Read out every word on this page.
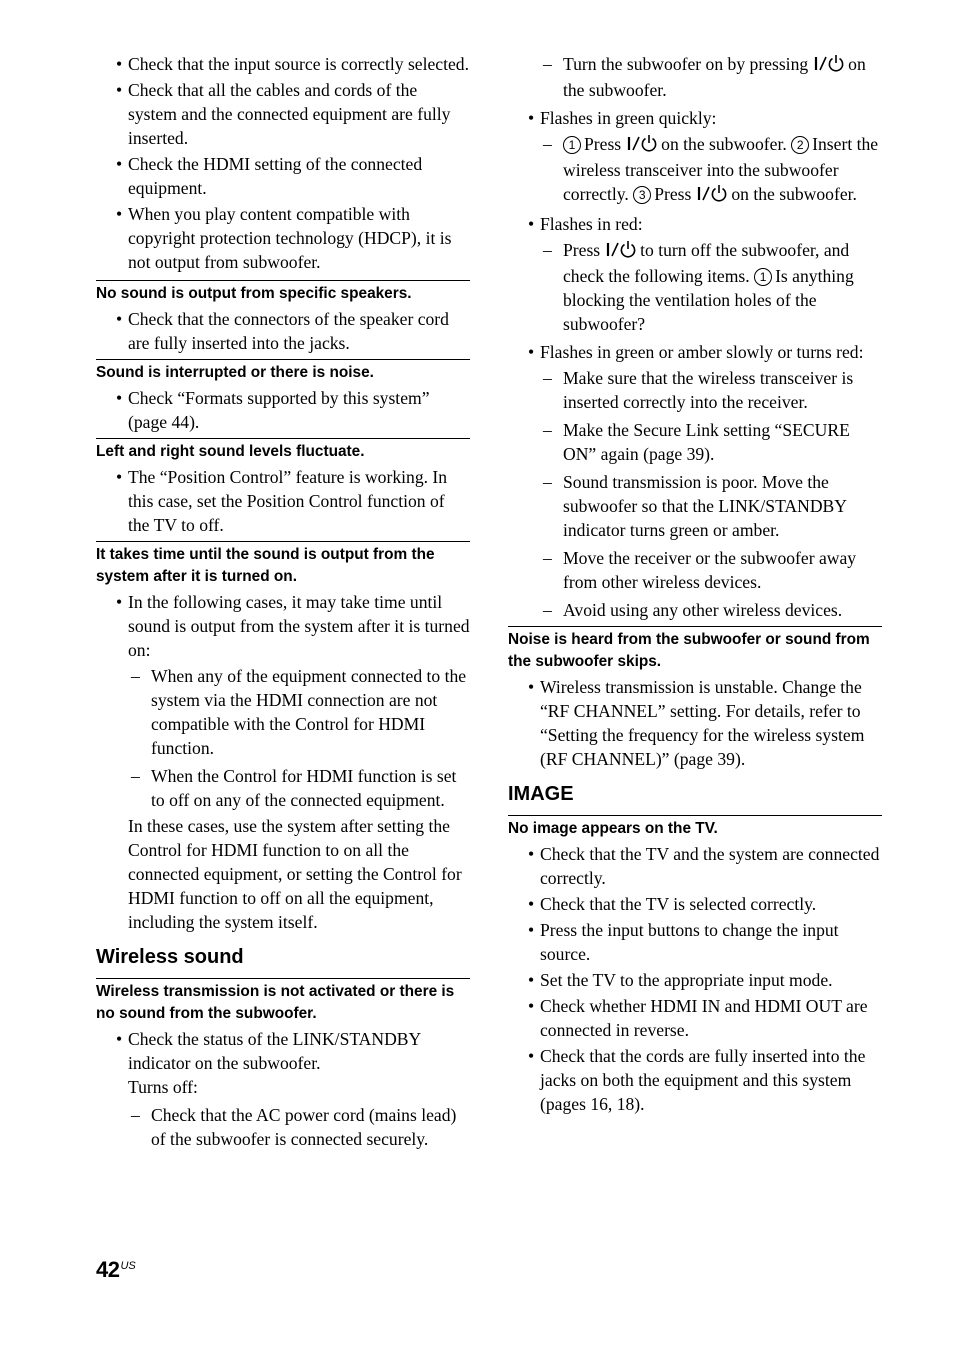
• Check that the input source is correctly selected.
• Check that all the cables and cords of the system and the connected equipment are fully inserted.
• Check the HDMI setting of the connected equipment.
• When you play content compatible with copyright protection technology (HDCP), it is not output from subwoofer.
No sound is output from specific speakers.
• Check that the connectors of the speaker cord are fully inserted into the jacks.
Sound is interrupted or there is noise.
• Check “Formats supported by this system” (page 44).
Left and right sound levels fluctuate.
• The “Position Control” feature is working. In this case, set the Position Control function of the TV to off.
It takes time until the sound is output from the system after it is turned on.
• In the following cases, it may take time until sound is output from the system after it is turned on:
– When any of the equipment connected to the system via the HDMI connection are not compatible with the Control for HDMI function.
– When the Control for HDMI function is set to off on any of the connected equipment.
In these cases, use the system after setting the Control for HDMI function to on all the connected equipment, or setting the Control for HDMI function to off on all the equipment, including the system itself.
Wireless sound
Wireless transmission is not activated or there is no sound from the subwoofer.
• Check the status of the LINK/STANDBY indicator on the subwoofer.
Turns off:
– Check that the AC power cord (mains lead) of the subwoofer is connected securely.
– Turn the subwoofer on by pressing on the subwoofer.
• Flashes in green quickly:
– 1 Press on the subwoofer. 2 Insert the wireless transceiver into the subwoofer correctly. 3 Press on the subwoofer.
• Flashes in red:
– Press to turn off the subwoofer, and check the following items. 1 Is anything blocking the ventilation holes of the subwoofer?
• Flashes in green or amber slowly or turns red:
– Make sure that the wireless transceiver is inserted correctly into the receiver.
– Make the Secure Link setting “SECURE ON” again (page 39).
– Sound transmission is poor. Move the subwoofer so that the LINK/STANDBY indicator turns green or amber.
– Move the receiver or the subwoofer away from other wireless devices.
– Avoid using any other wireless devices.
Noise is heard from the subwoofer or sound from the subwoofer skips.
• Wireless transmission is unstable. Change the “RF CHANNEL” setting. For details, refer to “Setting the frequency for the wireless system (RF CHANNEL)” (page 39).
IMAGE
No image appears on the TV.
• Check that the TV and the system are connected correctly.
• Check that the TV is selected correctly.
• Press the input buttons to change the input source.
• Set the TV to the appropriate input mode.
• Check whether HDMI IN and HDMI OUT are connected in reverse.
• Check that the cords are fully inserted into the jacks on both the equipment and this system (pages 16, 18).
$42^{US}$
